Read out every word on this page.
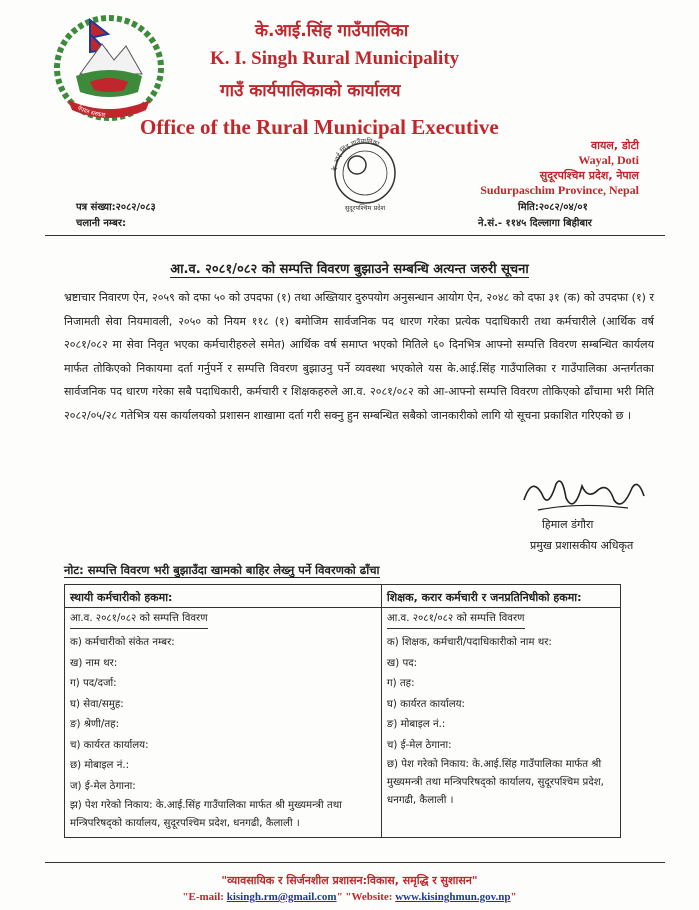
नेपाल सरकार
के.आई.सिंह गाउँपालिका
K. I. Singh Rural Municipality
गाउँ कार्यपालिकाको कार्यालय
Office of the Rural Municipal Executive
के.आई.सिंह गाउँपालिका
सुदूरपश्चिम प्रदेश
वायल, डोटी
Wayal, Doti
सुदूरपश्चिम प्रदेश, नेपाल
Sudurpaschim Province, Nepal
पत्र संख्या:२०८२/०८३
चलानी नम्बर:
मिति:२०८२/०४/०१
ने.सं.- ११४५ दिल्लागा बिहीबार
आ.व. २०८१/०८२ को सम्पत्ति विवरण बुझाउने सम्बन्धि अत्यन्त जरुरी सूचना
भ्रष्टाचार निवारण ऐन, २०५९ को दफा ५० को उपदफा (१) तथा अख्तियार दुरुपयोग अनुसन्धान आयोग ऐन, २०४८ को दफा ३१ (क) को उपदफा (१) र निजामती सेवा नियमावली, २०५० को नियम ११८ (१) बमोजिम सार्वजनिक पद धारण गरेका प्रत्येक पदाधिकारी तथा कर्मचारीले (आर्थिक वर्ष २०८१/०८२ मा सेवा निवृत भएका कर्मचारीहरुले समेत) आर्थिक वर्ष समाप्त भएको मितिले ६० दिनभित्र आफ्नो सम्पत्ति विवरण सम्बन्धित कार्यलय मार्फत तोकिएको निकायमा दर्ता गर्नुपर्ने र सम्पत्ति विवरण बुझाउनु पर्ने व्यवस्था भएकोले यस के.आई.सिंह गाउँपालिका र गाउँपालिका अन्तर्गतका सार्वजनिक पद धारण गरेका सबै पदाधिकारी, कर्मचारी र शिक्षकहरुले आ.व. २०८१/०८२ को आ-आफ्नो सम्पत्ति विवरण तोकिएको ढाँचामा भरी मिति २०८२/०५/२८ गतेभित्र यस कार्यालयको प्रशासन शाखामा दर्ता गरी सक्नु हुन सम्बन्धित सबैको जानकारीको लागि यो सूचना प्रकाशित गरिएको छ ।
हिमाल डंगौरा
प्रमुख प्रशासकीय अधिकृत
नोट: सम्पत्ति विवरण भरी बुझाउँदा खामको बाहिर लेख्नु पर्ने विवरणको ढाँचा
स्थायी कर्मचारीको हकमा:
आ.व. २०८१/०८२ को सम्पत्ति विवरण
क) कर्मचारीको संकेत नम्बर:
ख) नाम थर:
ग) पद/दर्जा:
घ) सेवा/समुह:
ङ) श्रेणी/तह:
च) कार्यरत कार्यालय:
छ) मोबाइल नं.:
ज) ई-मेल ठेगाना:
झ) पेश गरेको निकाय: के.आई.सिंह गाउँपालिका मार्फत श्री मुख्यमन्त्री तथा मन्त्रिपरिषद्को कार्यालय, सुदूरपश्चिम प्रदेश, धनगढी, कैलाली ।

शिक्षक, करार कर्मचारी र जनप्रतिनिधीको हकमा:
आ.व. २०८१/०८२ को सम्पत्ति विवरण
क) शिक्षक, कर्मचारी/पदाधिकारीको नाम थर:
ख) पद:
ग) तह:
घ) कार्यरत कार्यालय:
ङ) मोबाइल नं.:
च) ई-मेल ठेगाना:
छ) पेश गरेको निकाय: के.आई.सिंह गाउँपालिका मार्फत श्री मुख्यमन्त्री तथा मन्त्रिपरिषद्को कार्यालय, सुदूरपश्चिम प्रदेश, धनगढी, कैलाली ।
"व्यावसायिक र सिर्जनशील प्रशासन:विकास, समृद्धि र सुशासन"
"E-mail: kisingh.rm@gmail.com" "Website: www.kisinghmun.gov.np"
